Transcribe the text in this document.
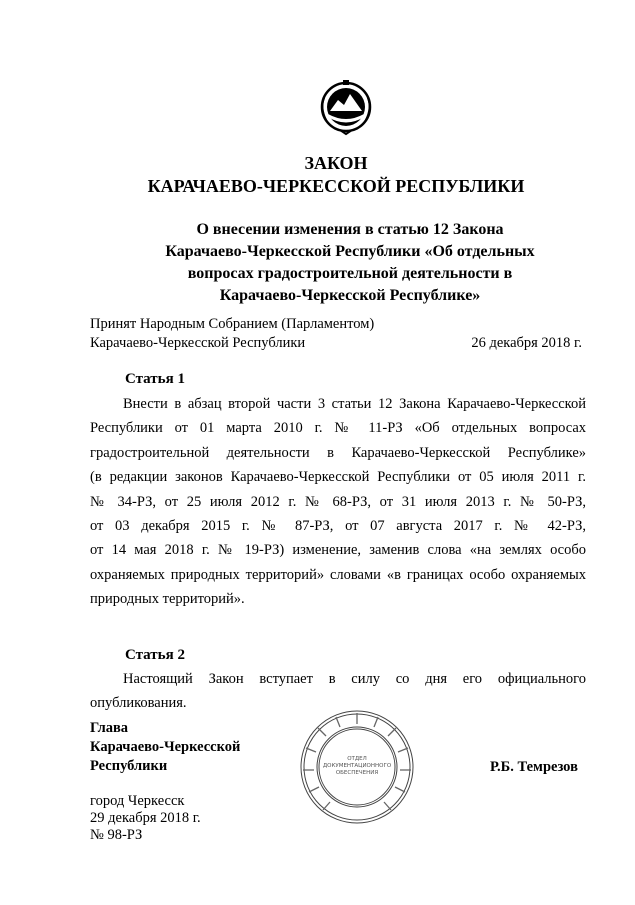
ЗАКОН
КАРАЧАЕВО-ЧЕРКЕССКОЙ РЕСПУБЛИКИ
О внесении изменения в статью 12 Закона
Карачаево-Черкесской Республики «Об отдельных
вопросах градостроительной деятельности в
Карачаево-Черкесской Республике»
Принят Народным Собранием (Парламентом)
Карачаево-Черкесской Республики	26 декабря 2018 г.
Статья 1
Внести в абзац второй части 3 статьи 12 Закона Карачаево-Черкесской
Республики от 01 марта 2010 г. № 11-РЗ «Об отдельных вопросах
градостроительной деятельности в Карачаево-Черкесской Республике»
(в редакции законов Карачаево-Черкесской Республики от 05 июля 2011 г.
№ 34-РЗ, от 25 июля 2012 г. № 68-РЗ, от 31 июля 2013 г. № 50-РЗ,
от 03 декабря 2015 г. № 87-РЗ, от 07 августа 2017 г. № 42-РЗ,
от 14 мая 2018 г. № 19-РЗ) изменение, заменив слова «на землях особо
охраняемых природных территорий» словами «в границах особо охраняемых
природных территорий».
Статья 2
Настоящий Закон вступает в силу со дня его официального
опубликования.
ОТДЕЛ
ДОКУМЕНТАЦИОННОГО
ОБЕСПЕЧЕНИЯ
Глава
Карачаево-Черкесской
Республики	Р.Б. Темрезов
город Черкесск
29 декабря 2018 г.
№ 98-РЗ
